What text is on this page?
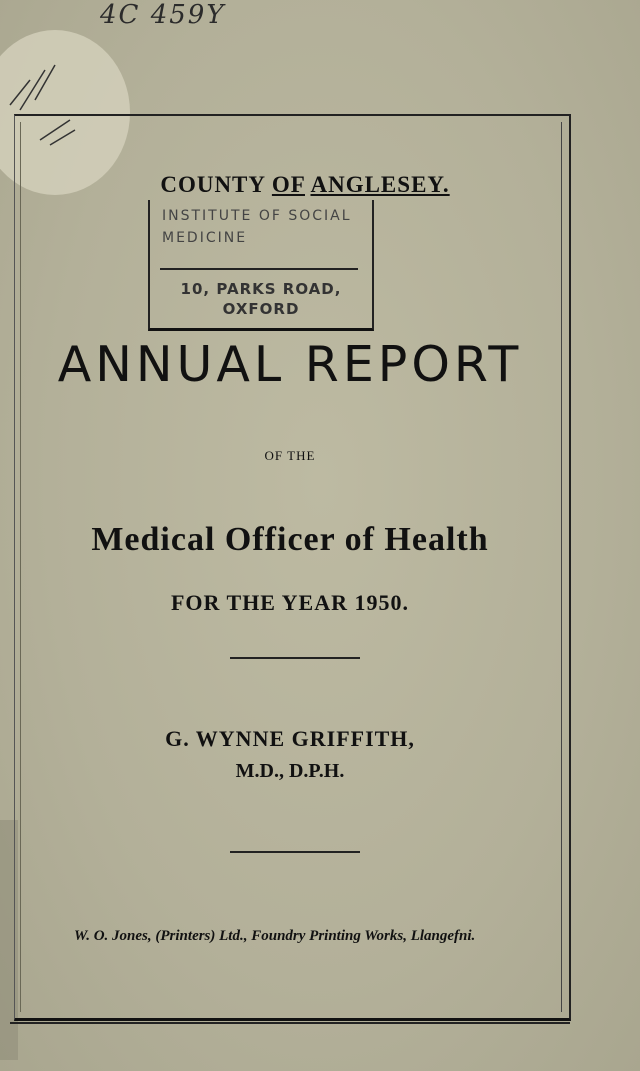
4C 459Y
COUNTY OF ANGLESEY.
INSTITUTE OF SOCIAL
MEDICINE
10, PARKS ROAD,
OXFORD
ANNUAL REPORT
OF THE
Medical Officer of Health
FOR THE YEAR 1950.
G. WYNNE GRIFFITH,
M.D., D.P.H.
W. O. Jones, (Printers) Ltd., Foundry Printing Works, Llangefni.
